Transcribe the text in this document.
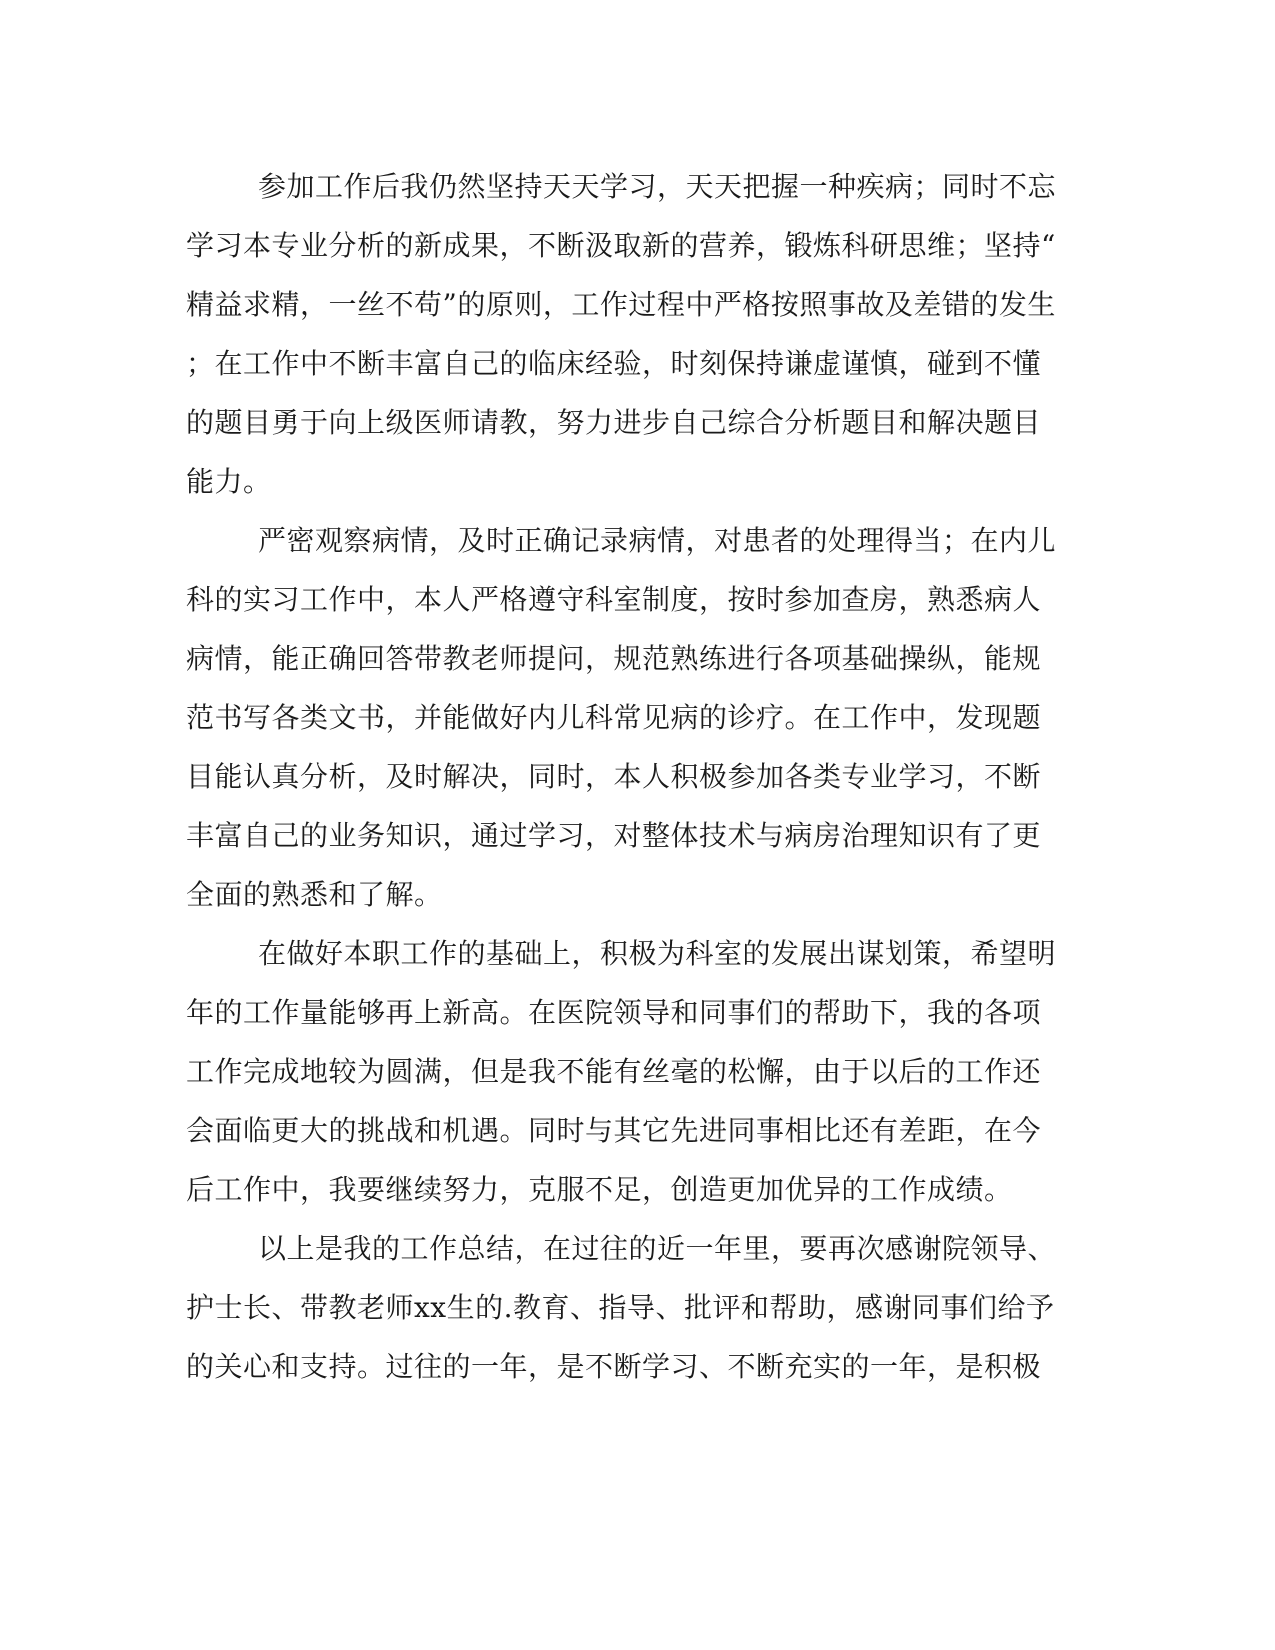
参加工作后我仍然坚持天天学习，天天把握一种疾病；同时不忘
学习本专业分析的新成果，不断汲取新的营养，锻炼科研思维；坚持“
精益求精，一丝不苟”的原则，工作过程中严格按照事故及差错的发生
；在工作中不断丰富自己的临床经验，时刻保持谦虚谨慎，碰到不懂
的题目勇于向上级医师请教，努力进步自己综合分析题目和解决题目
能力。
严密观察病情，及时正确记录病情，对患者的处理得当；在内儿
科的实习工作中，本人严格遵守科室制度，按时参加查房，熟悉病人
病情，能正确回答带教老师提问，规范熟练进行各项基础操纵，能规
范书写各类文书，并能做好内儿科常见病的诊疗。在工作中，发现题
目能认真分析，及时解决，同时，本人积极参加各类专业学习，不断
丰富自己的业务知识，通过学习，对整体技术与病房治理知识有了更
全面的熟悉和了解。
在做好本职工作的基础上，积极为科室的发展出谋划策，希望明
年的工作量能够再上新高。在医院领导和同事们的帮助下，我的各项
工作完成地较为圆满，但是我不能有丝毫的松懈，由于以后的工作还
会面临更大的挑战和机遇。同时与其它先进同事相比还有差距，在今
后工作中，我要继续努力，克服不足，创造更加优异的工作成绩。
以上是我的工作总结，在过往的近一年里，要再次感谢院领导、
护士长、带教老师xx生的.教育、指导、批评和帮助，感谢同事们给予
的关心和支持。过往的一年，是不断学习、不断充实的一年，是积极
